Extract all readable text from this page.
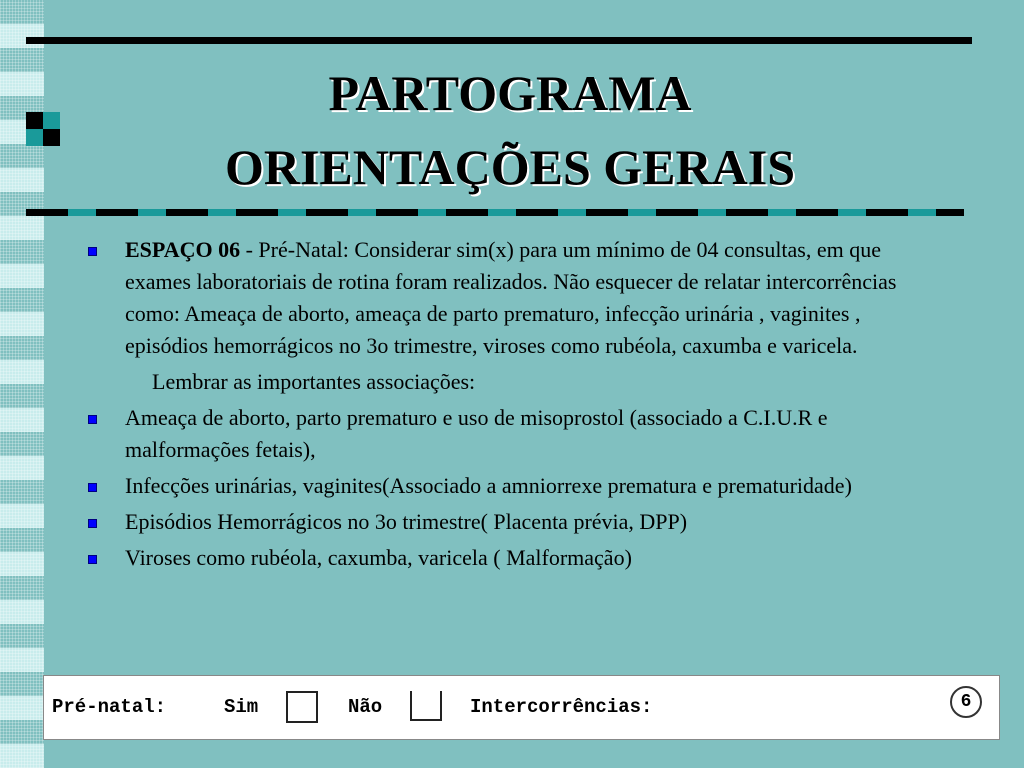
PARTOGRAMA
ORIENTAÇÕES GERAIS
ESPAÇO 06 - Pré-Natal: Considerar sim(x) para um mínimo de 04 consultas, em que exames laboratoriais de rotina foram realizados. Não esquecer de relatar intercorrências como: Ameaça de aborto, ameaça de parto prematuro, infecção urinária , vaginites , episódios hemorrágicos no 3o trimestre, viroses como rubéola, caxumba e varicela.
Lembrar as importantes associações:
Ameaça de aborto, parto prematuro e uso de misoprostol (associado a C.I.U.R e malformações fetais),
Infecções urinárias, vaginites(Associado a amniorrexe prematura e prematuridade)
Episódios Hemorrágicos no 3o trimestre( Placenta prévia, DPP)
Viroses como rubéola, caxumba, varicela ( Malformação)
Pré-natal:	Sim	Não	Intercorrências:	6
